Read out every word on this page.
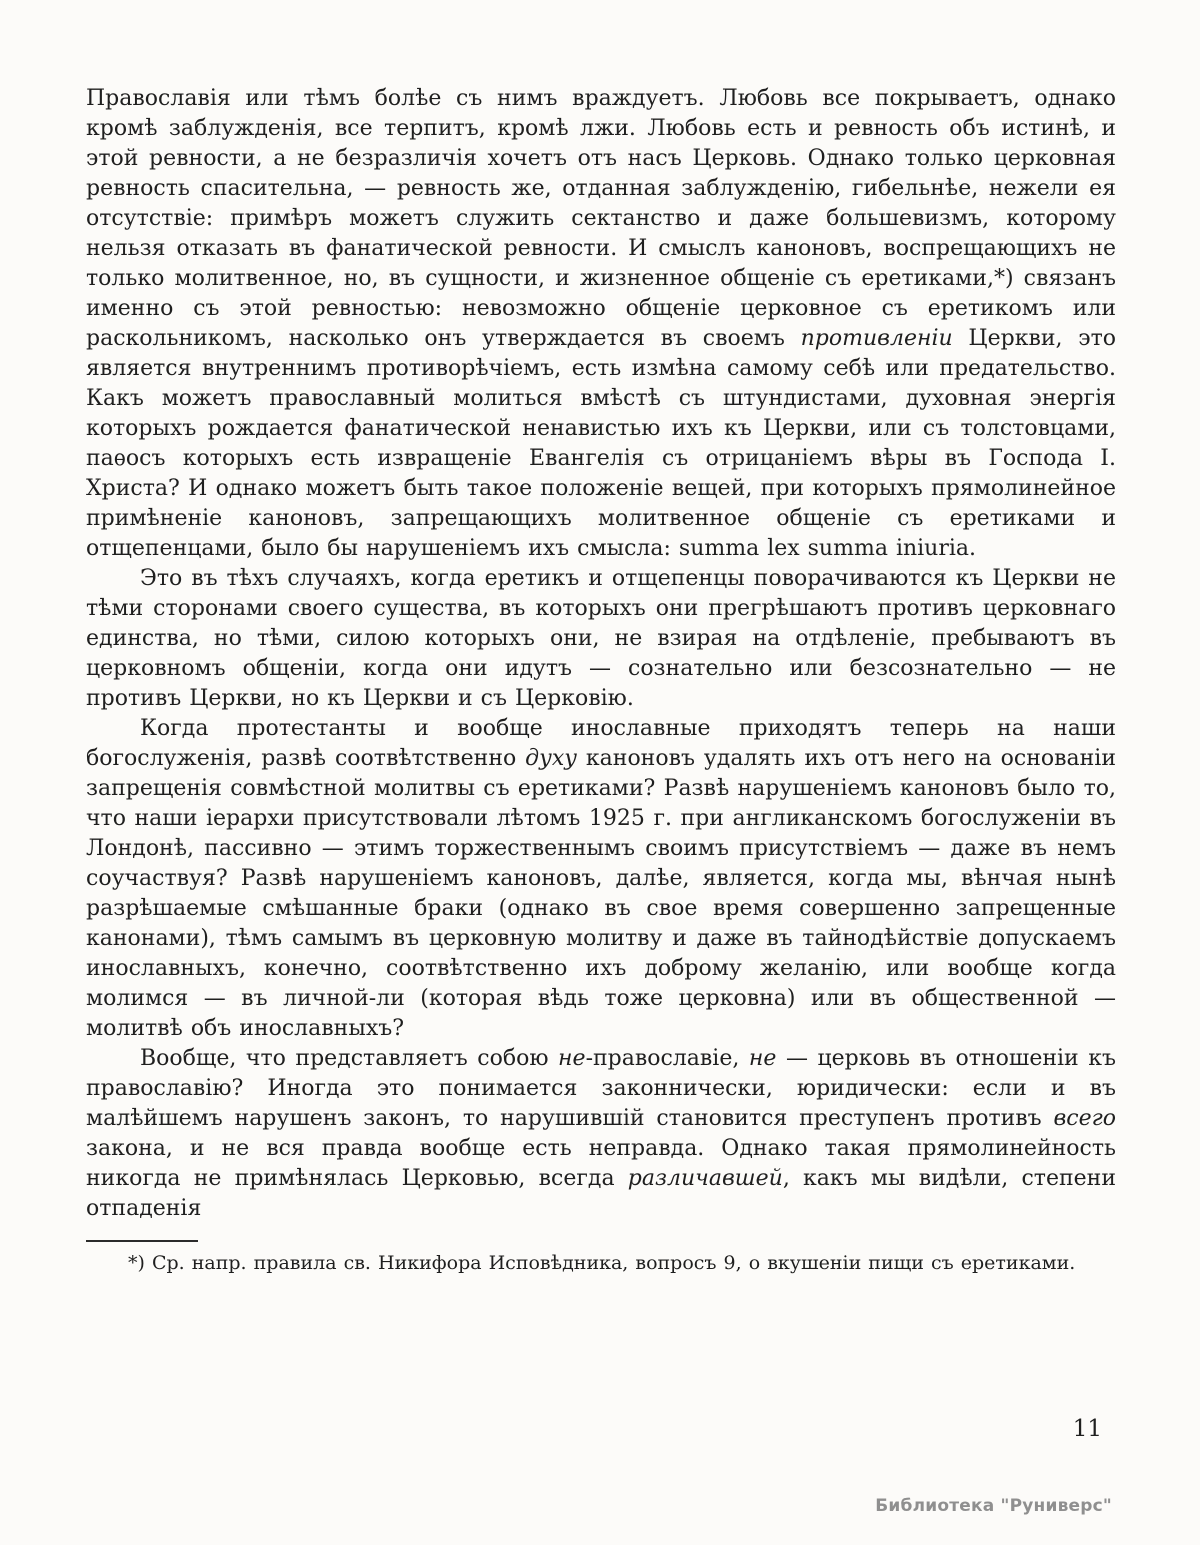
Православія или тѣмъ болѣе съ нимъ враждуетъ. Любовь все покрываетъ, однако кромѣ заблужденія, все терпитъ, кромѣ лжи. Любовь есть и ревность объ истинѣ, и этой ревности, а не безразличія хочетъ отъ насъ Церковь. Однако только церковная ревность спасительна, — ревность же, отданная заблужденію, гибельнѣе, нежели ея отсутствіе: примѣръ можетъ служить сектанство и даже большевизмъ, которому нельзя отказать въ фанатической ревности. И смыслъ каноновъ, воспрещающихъ не только молитвенное, но, въ сущности, и жизненное общеніе съ еретиками,*) связанъ именно съ этой ревностью: невозможно общеніе церковное съ еретикомъ или раскольникомъ, насколько онъ утверждается въ своемъ противленіи Церкви, это является внутреннимъ противорѣчіемъ, есть измѣна самому себѣ или предательство. Какъ можетъ православный молиться вмѣстѣ съ штундистами, духовная энергія которыхъ рождается фанатической ненавистью ихъ къ Церкви, или съ толстовцами, паѳосъ которыхъ есть извращеніе Евангелія съ отрицаніемъ вѣры въ Господа І. Христа? И однако можетъ быть такое положеніе вещей, при которыхъ прямолинейное примѣненіе каноновъ, запрещающихъ молитвенное общеніе съ еретиками и отщепенцами, было бы нарушеніемъ ихъ смысла: summa lex summa iniuria.

Это въ тѣхъ случаяхъ, когда еретикъ и отщепенцы поворачиваются къ Церкви не тѣми сторонами своего существа, въ которыхъ они прегрѣшаютъ противъ церковнаго единства, но тѣми, силою которыхъ они, не взирая на отдѣленіе, пребываютъ въ церковномъ общеніи, когда они идутъ — сознательно или безсознательно — не противъ Церкви, но къ Церкви и съ Церковію.

Когда протестанты и вообще инославные приходятъ теперь на наши богослуженія, развѣ соотвѣтственно духу каноновъ удалять ихъ отъ него на основаніи запрещенія совмѣстной молитвы съ еретиками? Развѣ нарушеніемъ каноновъ было то, что наши іерархи присутствовали лѣтомъ 1925 г. при англиканскомъ богослуженіи въ Лондонѣ, пассивно — этимъ торжественнымъ своимъ присутствіемъ — даже въ немъ соучаствуя? Развѣ нарушеніемъ каноновъ, далѣе, является, когда мы, вѣнчая нынѣ разрѣшаемые смѣшанные браки (однако въ свое время совершенно запрещенные канонами), тѣмъ самымъ въ церковную молитву и даже въ тайнодѣйствіе допускаемъ инославныхъ, конечно, соотвѣтственно ихъ доброму желанію, или вообще когда молимся — въ личной-ли (которая вѣдь тоже церковна) или въ общественной — молитвѣ объ инославныхъ?

Вообще, что представляетъ собою не-православіе, не — церковь въ отношеніи къ православію? Иногда это понимается законнически, юридически: если и въ малѣйшемъ нарушенъ законъ, то нарушившій становится преступенъ противъ всего закона, и не вся правда вообще есть неправда. Однако такая прямолинейность никогда не примѣнялась Церковью, всегда различавшей, какъ мы видѣли, степени отпаденія

*) Ср. напр. правила св. Никифора Исповѣдника, вопросъ 9, о вкушеніи пищи съ еретиками.

11
Библиотека "Руниверс"
